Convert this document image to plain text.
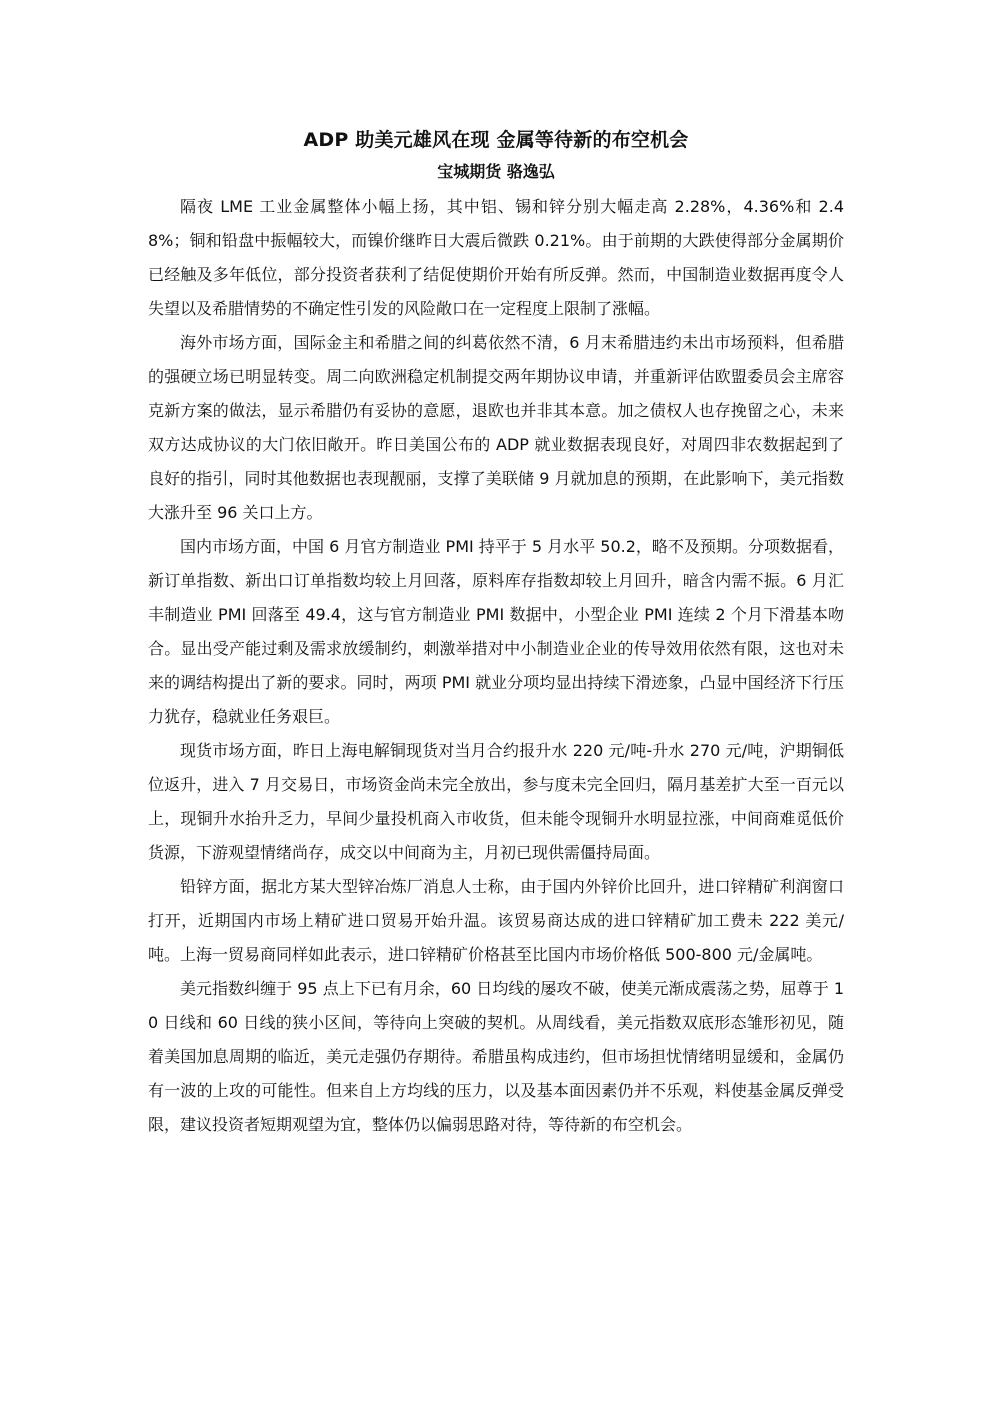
ADP 助美元雄风在现 金属等待新的布空机会
宝城期货 骆逸弘

隔夜 LME 工业金属整体小幅上扬，其中铝、锡和锌分别大幅走高 2.28%，4.36%和 2.48%；铜和铅盘中振幅较大，而镍价继昨日大震后微跌 0.21%。由于前期的大跌使得部分金属期价已经触及多年低位，部分投资者获利了结促使期价开始有所反弹。然而，中国制造业数据再度令人失望以及希腊情势的不确定性引发的风险敞口在一定程度上限制了涨幅。

海外市场方面，国际金主和希腊之间的纠葛依然不清，6 月末希腊违约未出市场预料，但希腊的强硬立场已明显转变。周二向欧洲稳定机制提交两年期协议申请，并重新评估欧盟委员会主席容克新方案的做法，显示希腊仍有妥协的意愿，退欧也并非其本意。加之债权人也存挽留之心，未来双方达成协议的大门依旧敞开。昨日美国公布的 ADP 就业数据表现良好，对周四非农数据起到了良好的指引，同时其他数据也表现靓丽，支撑了美联储 9 月就加息的预期，在此影响下，美元指数大涨升至 96 关口上方。

国内市场方面，中国 6 月官方制造业 PMI 持平于 5 月水平 50.2，略不及预期。分项数据看，新订单指数、新出口订单指数均较上月回落，原料库存指数却较上月回升，暗含内需不振。6 月汇丰制造业 PMI 回落至 49.4，这与官方制造业 PMI 数据中，小型企业 PMI 连续 2 个月下滑基本吻合。显出受产能过剩及需求放缓制约，刺激举措对中小制造业企业的传导效用依然有限，这也对未来的调结构提出了新的要求。同时，两项 PMI 就业分项均显出持续下滑迹象，凸显中国经济下行压力犹存，稳就业任务艰巨。

现货市场方面，昨日上海电解铜现货对当月合约报升水 220 元/吨-升水 270 元/吨，沪期铜低位返升，进入 7 月交易日，市场资金尚未完全放出，参与度未完全回归，隔月基差扩大至一百元以上，现铜升水抬升乏力，早间少量投机商入市收货，但未能令现铜升水明显拉涨，中间商难觅低价货源，下游观望情绪尚存，成交以中间商为主，月初已现供需僵持局面。

铅锌方面，据北方某大型锌冶炼厂消息人士称，由于国内外锌价比回升，进口锌精矿利润窗口打开，近期国内市场上精矿进口贸易开始升温。该贸易商达成的进口锌精矿加工费未 222 美元/吨。上海一贸易商同样如此表示，进口锌精矿价格甚至比国内市场价格低 500-800 元/金属吨。

美元指数纠缠于 95 点上下已有月余，60 日均线的屡攻不破，使美元渐成震荡之势，屈尊于 10 日线和 60 日线的狭小区间，等待向上突破的契机。从周线看，美元指数双底形态雏形初见，随着美国加息周期的临近，美元走强仍存期待。希腊虽构成违约，但市场担忧情绪明显缓和，金属仍有一波的上攻的可能性。但来自上方均线的压力，以及基本面因素仍并不乐观，料使基金属反弹受限，建议投资者短期观望为宜，整体仍以偏弱思路对待，等待新的布空机会。
